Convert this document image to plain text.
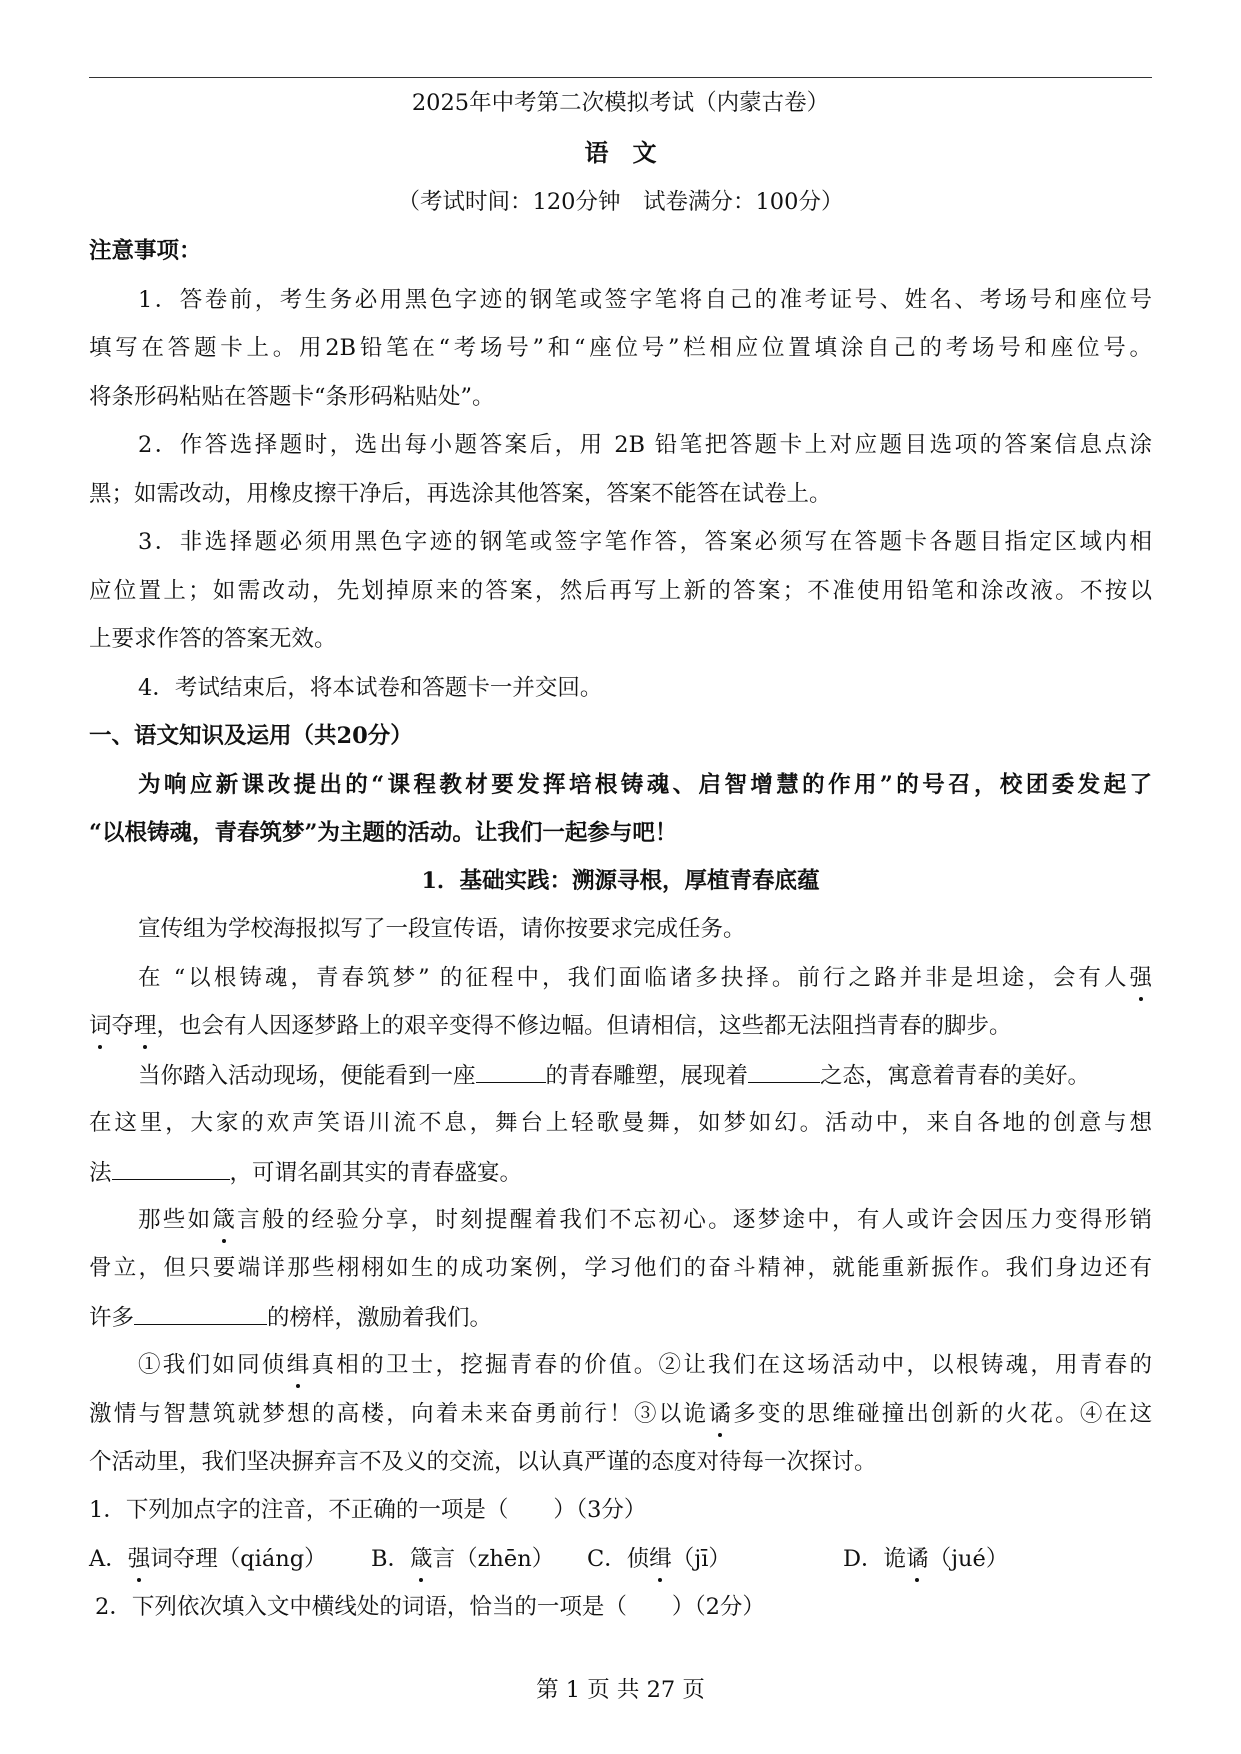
2025年中考第二次模拟考试（内蒙古卷）
语　文
（考试时间：120分钟　试卷满分：100分）
注意事项：
1．答卷前，考生务必用黑色字迹的钢笔或签字笔将自己的准考证号、姓名、考场号和座位号
填写在答题卡上。用2B铅笔在“考场号”和“座位号”栏相应位置填涂自己的考场号和座位号。
将条形码粘贴在答题卡“条形码粘贴处”。
2．作答选择题时，选出每小题答案后，用 2B 铅笔把答题卡上对应题目选项的答案信息点涂
黑；如需改动，用橡皮擦干净后，再选涂其他答案，答案不能答在试卷上。
3．非选择题必须用黑色字迹的钢笔或签字笔作答，答案必须写在答题卡各题目指定区域内相
应位置上；如需改动，先划掉原来的答案，然后再写上新的答案；不准使用铅笔和涂改液。不按以
上要求作答的答案无效。
4．考试结束后，将本试卷和答题卡一并交回。
一、语文知识及运用（共20分）
为响应新课改提出的“课程教材要发挥培根铸魂、启智增慧的作用”的号召，校团委发起了
“以根铸魂，青春筑梦”为主题的活动。让我们一起参与吧！
1．基础实践：溯源寻根，厚植青春底蕴
宣传组为学校海报拟写了一段宣传语，请你按要求完成任务。
在 “以根铸魂，青春筑梦” 的征程中，我们面临诸多抉择。前行之路并非是坦途，会有人强
词夺理，也会有人因逐梦路上的艰辛变得不修边幅。但请相信，这些都无法阻挡青春的脚步。
当你踏入活动现场，便能看到一座	的青春雕塑，展现着	之态，寓意着青春的美好。
在这里，大家的欢声笑语川流不息，舞台上轻歌曼舞，如梦如幻。活动中，来自各地的创意与想
法	，可谓名副其实的青春盛宴。
那些如箴言般的经验分享，时刻提醒着我们不忘初心。逐梦途中，有人或许会因压力变得形销
骨立，但只要端详那些栩栩如生的成功案例，学习他们的奋斗精神，就能重新振作。我们身边还有
许多	的榜样，激励着我们。
①我们如同侦缉真相的卫士，挖掘青春的价值。②让我们在这场活动中，以根铸魂，用青春的
激情与智慧筑就梦想的高楼，向着未来奋勇前行！③以诡谲多变的思维碰撞出创新的火花。④在这
个活动里，我们坚决摒弃言不及义的交流，以认真严谨的态度对待每一次探讨。
1．下列加点字的注音，不正确的一项是（　　）（3分）
A．强词夺理（qiáng） B．箴言（zhēn） C．侦缉（jī）	D．诡谲（jué）
2．下列依次填入文中横线处的词语，恰当的一项是（　　）（2分）
第 1 页 共 27 页
